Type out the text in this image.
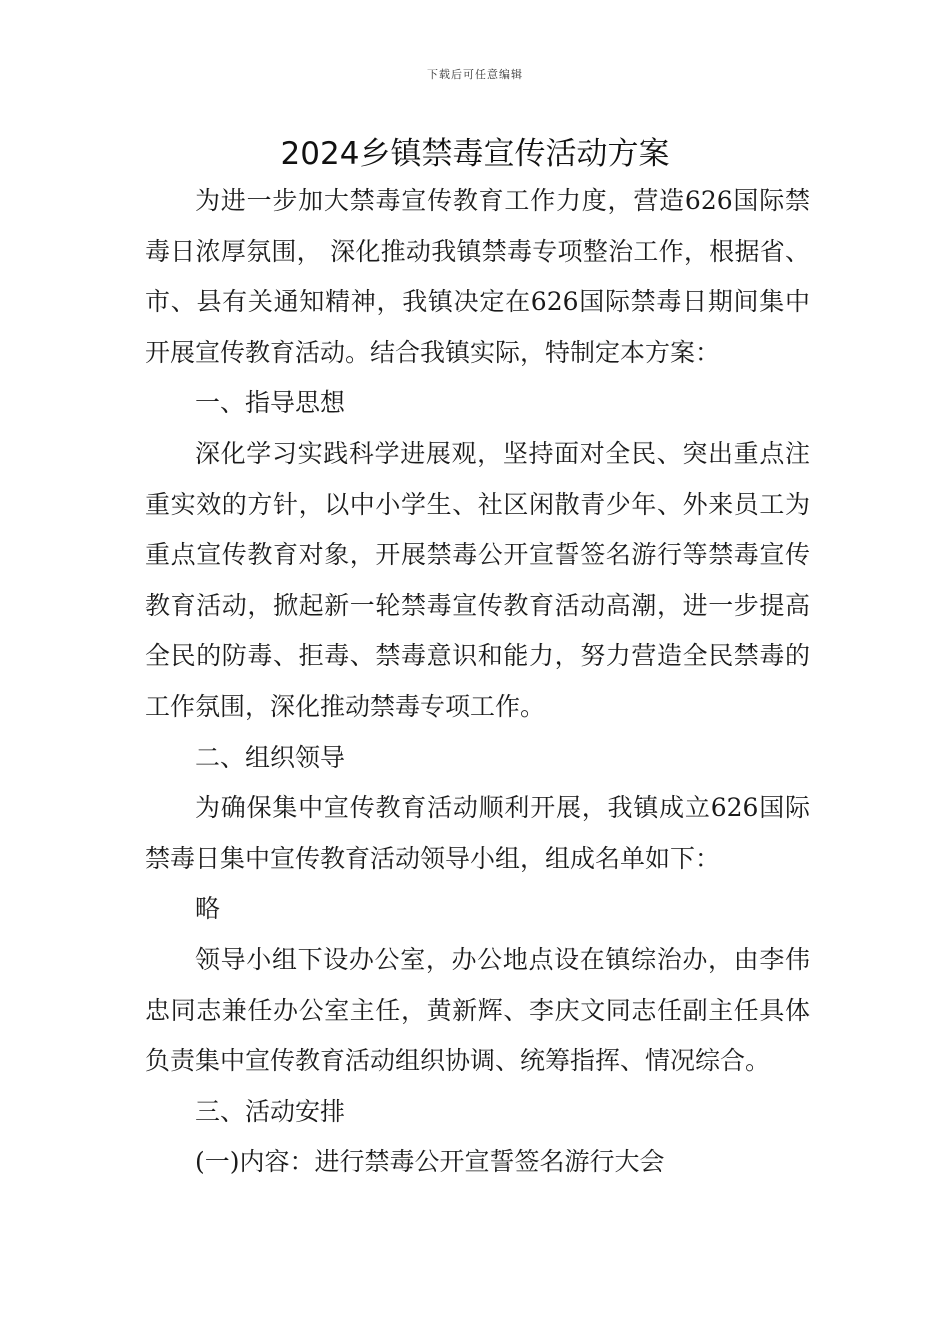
下载后可任意编辑
2024乡镇禁毒宣传活动方案

为进一步加大禁毒宣传教育工作力度，营造626国际禁毒日浓厚氛围， 深化推动我镇禁毒专项整治工作，根据省、市、县有关通知精神，我镇决定在626国际禁毒日期间集中开展宣传教育活动。结合我镇实际，特制定本方案：

一、指导思想

深化学习实践科学进展观，坚持面对全民、突出重点注重实效的方针，以中小学生、社区闲散青少年、外来员工为重点宣传教育对象，开展禁毒公开宣誓签名游行等禁毒宣传教育活动，掀起新一轮禁毒宣传教育活动高潮，进一步提高全民的防毒、拒毒、禁毒意识和能力，努力营造全民禁毒的工作氛围，深化推动禁毒专项工作。

二、组织领导

为确保集中宣传教育活动顺利开展，我镇成立626国际禁毒日集中宣传教育活动领导小组，组成名单如下：

略

领导小组下设办公室，办公地点设在镇综治办，由李伟忠同志兼任办公室主任，黄新辉、李庆文同志任副主任具体负责集中宣传教育活动组织协调、统筹指挥、情况综合。

三、活动安排

(一)内容：进行禁毒公开宣誓签名游行大会
